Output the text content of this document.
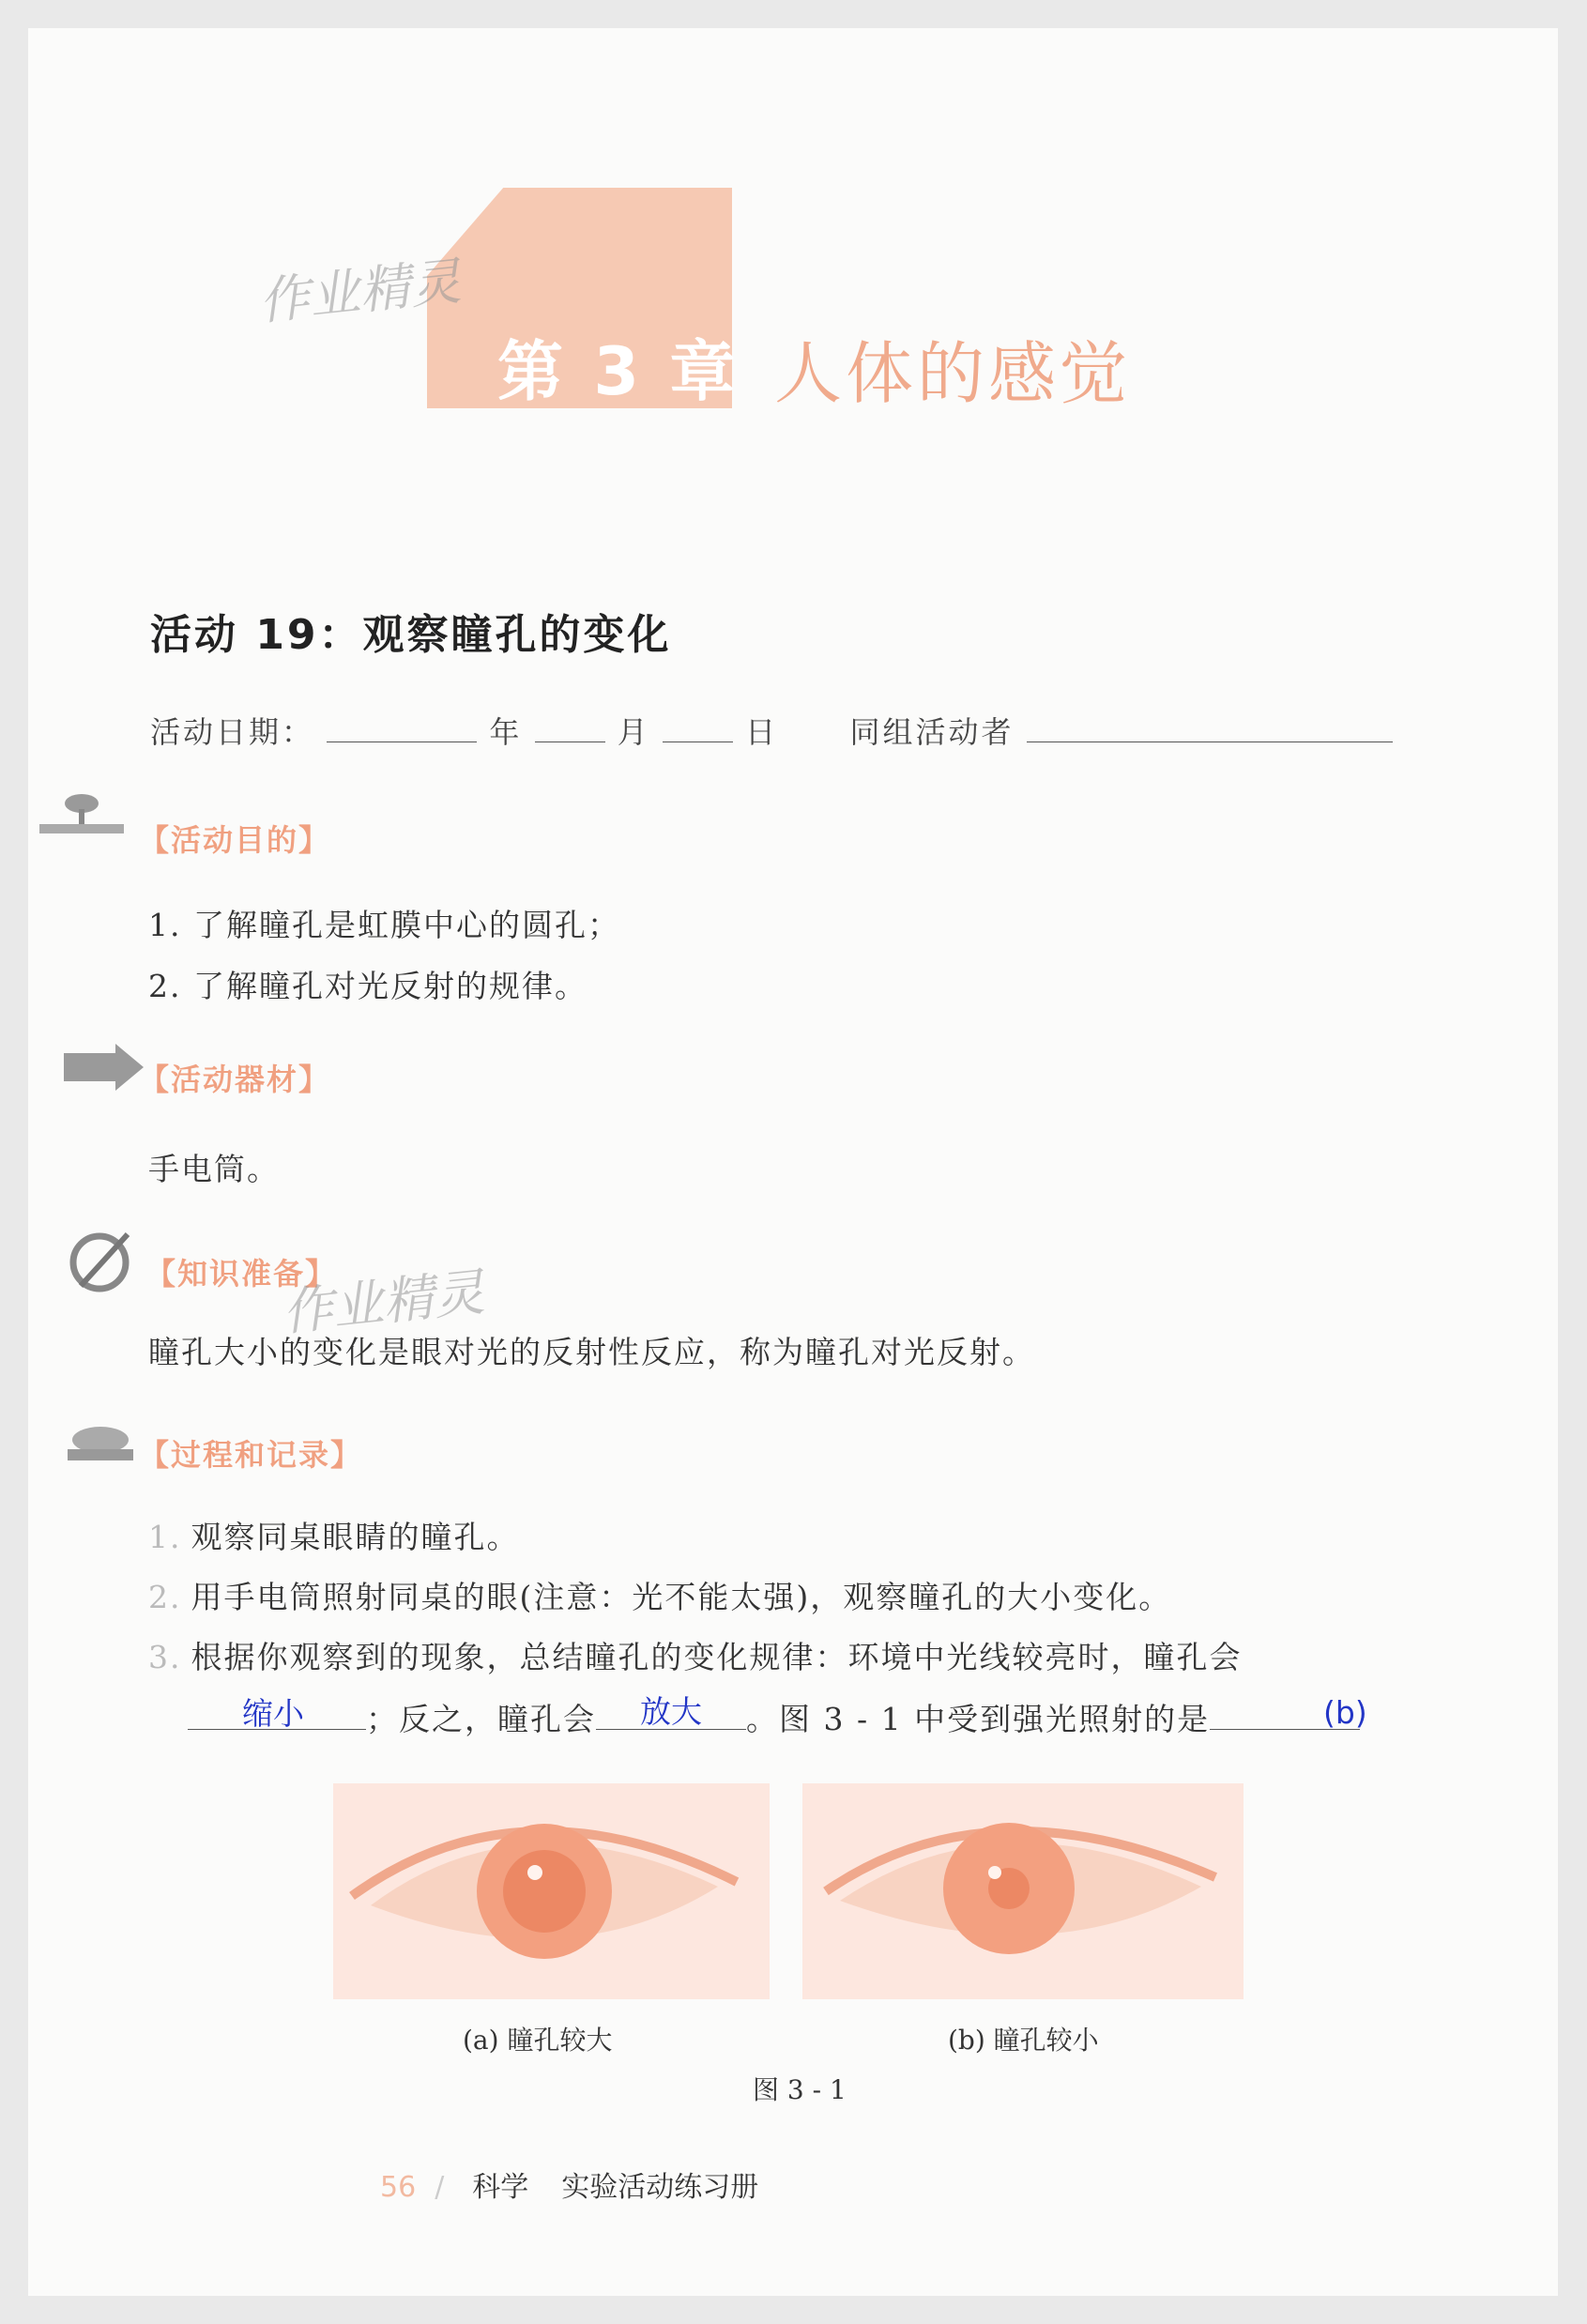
作业精灵
第 3 章 人体的感觉
活动 19：观察瞳孔的变化
活动日期：	年	月	日 同组活动者
【活动目的】
1. 了解瞳孔是虹膜中心的圆孔；
2. 了解瞳孔对光反射的规律。
【活动器材】
手电筒。
【知识准备】
作业精灵
瞳孔大小的变化是眼对光的反射性反应，称为瞳孔对光反射。
【过程和记录】
1. 观察同桌眼睛的瞳孔。
2. 用手电筒照射同桌的眼(注意：光不能太强)，观察瞳孔的大小变化。
3. 根据你观察到的现象，总结瞳孔的变化规律：环境中光线较亮时，瞳孔会
；反之，瞳孔会	。图 3 - 1 中受到强光照射的是
缩小	放大	(b)
(a) 瞳孔较大	(b) 瞳孔较小
图 3 - 1
56 / 科学 实验活动练习册
